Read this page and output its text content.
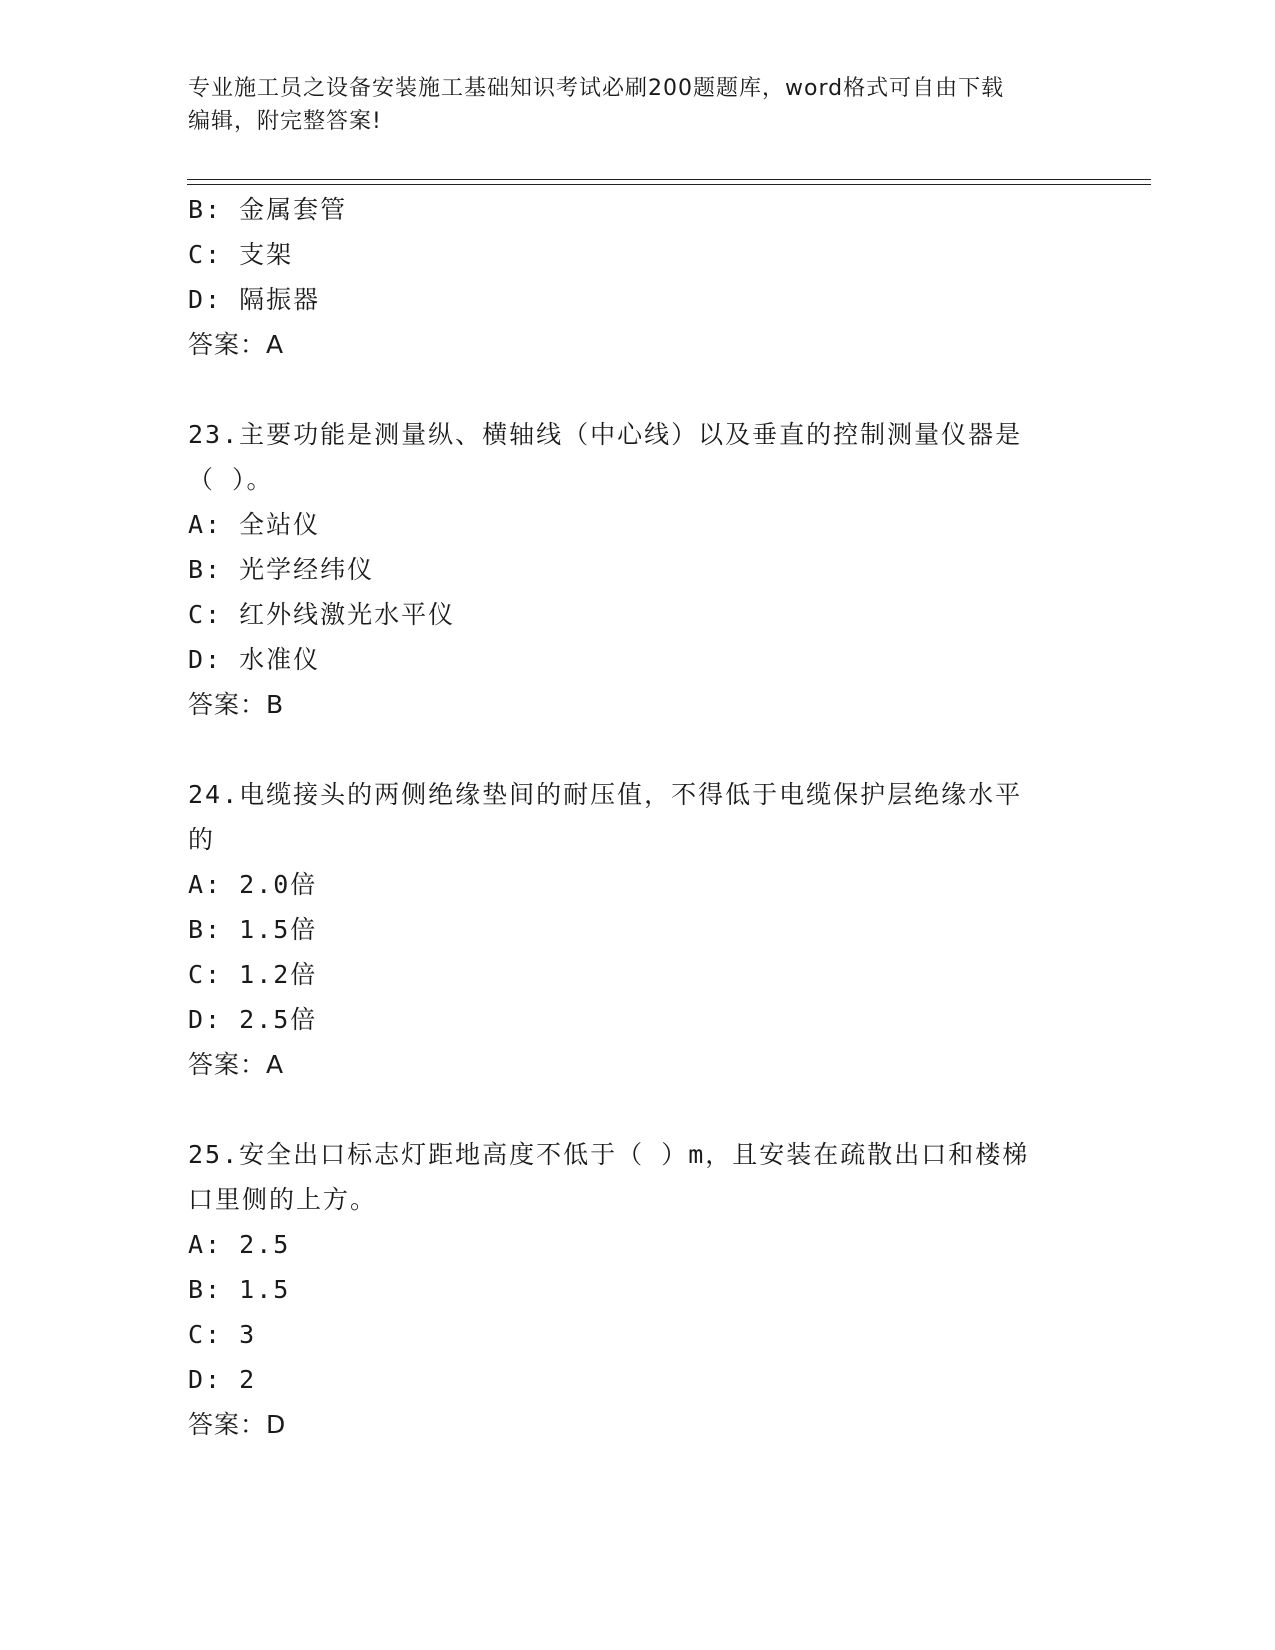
专业施工员之设备安装施工基础知识考试必刷200题题库，word格式可自由下载
编辑，附完整答案!
B: 金属套管
C: 支架
D: 隔振器
答案：A
23.主要功能是测量纵、横轴线（中心线）以及垂直的控制测量仪器是
（ ）。
A: 全站仪
B: 光学经纬仪
C: 红外线激光水平仪
D: 水准仪
答案：B
24.电缆接头的两侧绝缘垫间的耐压值，不得低于电缆保护层绝缘水平
的
A: 2.0倍
B: 1.5倍
C: 1.2倍
D: 2.5倍
答案：A
25.安全出口标志灯距地高度不低于（ ）m，且安装在疏散出口和楼梯
口里侧的上方。
A: 2.5
B: 1.5
C: 3
D: 2
答案：D
